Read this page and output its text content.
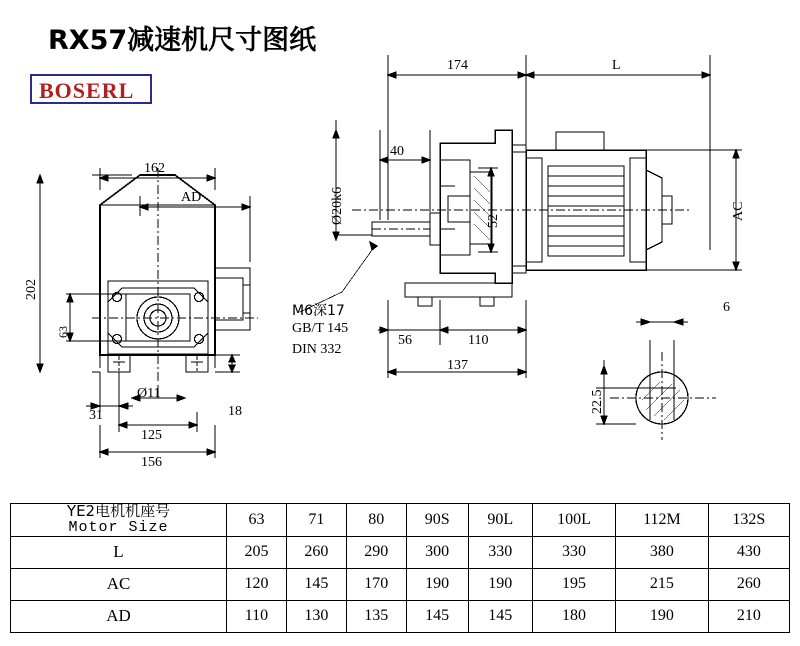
RX57减速机尺寸图纸
BOSERL
162
AD
202
63
31
Ø11
125
156
18
174	L
Ø20k6
40
52	AC
M6深17
GB/T 145
DIN 332
56	110
137
6
22.5
YE2电机机座号
Motor Size	63	71	80	90S	90L	100L	112M	132S
L	205	260	290	300	330	330	380	430
AC	120	145	170	190	190	195	215	260
AD	110	130	135	145	145	180	190	210
